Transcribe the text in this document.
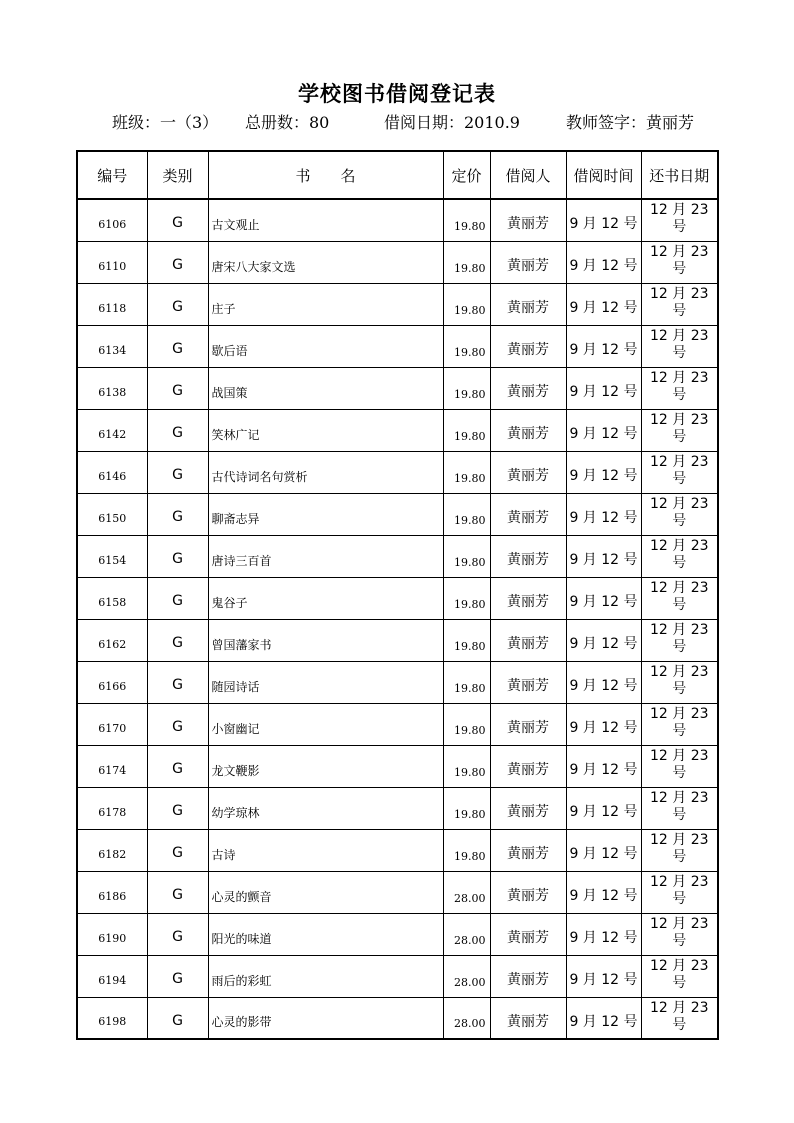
学校图书借阅登记表
班级：一（3） 总册数：80	借阅日期：2010.9	教师签字：黄丽芳
编号	类别	书　　名	定价	借阅人	借阅时间	还书日期
6106	G	古文观止	19.80	黄丽芳	9 月 12 号	12 月 23 号
6110	G	唐宋八大家文选	19.80	黄丽芳	9 月 12 号	12 月 23 号
6118	G	庄子	19.80	黄丽芳	9 月 12 号	12 月 23 号
6134	G	歇后语	19.80	黄丽芳	9 月 12 号	12 月 23 号
6138	G	战国策	19.80	黄丽芳	9 月 12 号	12 月 23 号
6142	G	笑林广记	19.80	黄丽芳	9 月 12 号	12 月 23 号
6146	G	古代诗词名句赏析	19.80	黄丽芳	9 月 12 号	12 月 23 号
6150	G	聊斋志异	19.80	黄丽芳	9 月 12 号	12 月 23 号
6154	G	唐诗三百首	19.80	黄丽芳	9 月 12 号	12 月 23 号
6158	G	鬼谷子	19.80	黄丽芳	9 月 12 号	12 月 23 号
6162	G	曾国藩家书	19.80	黄丽芳	9 月 12 号	12 月 23 号
6166	G	随园诗话	19.80	黄丽芳	9 月 12 号	12 月 23 号
6170	G	小窗幽记	19.80	黄丽芳	9 月 12 号	12 月 23 号
6174	G	龙文鞭影	19.80	黄丽芳	9 月 12 号	12 月 23 号
6178	G	幼学琼林	19.80	黄丽芳	9 月 12 号	12 月 23 号
6182	G	古诗	19.80	黄丽芳	9 月 12 号	12 月 23 号
6186	G	心灵的颤音	28.00	黄丽芳	9 月 12 号	12 月 23 号
6190	G	阳光的味道	28.00	黄丽芳	9 月 12 号	12 月 23 号
6194	G	雨后的彩虹	28.00	黄丽芳	9 月 12 号	12 月 23 号
6198	G	心灵的影带	28.00	黄丽芳	9 月 12 号	12 月 23 号
